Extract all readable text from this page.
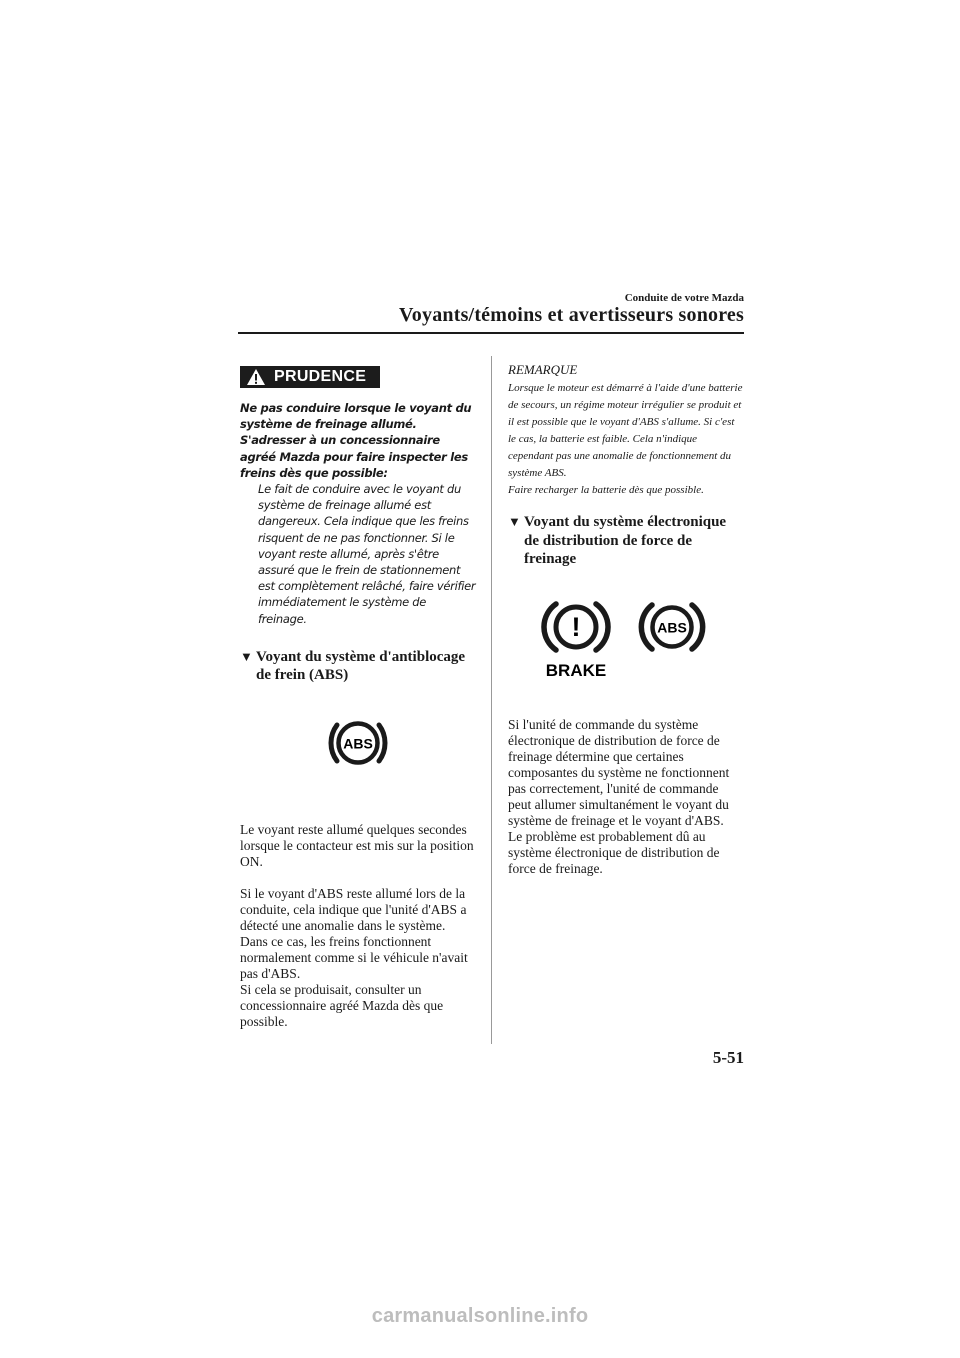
Conduite de votre Mazda
Voyants/témoins et avertisseurs sonores
PRUDENCE
Ne pas conduire lorsque le voyant du système de freinage allumé. S'adresser à un concessionnaire agréé Mazda pour faire inspecter les freins dès que possible:
Le fait de conduire avec le voyant du système de freinage allumé est dangereux. Cela indique que les freins risquent de ne pas fonctionner. Si le voyant reste allumé, après s'être assuré que le frein de stationnement est complètement relâché, faire vérifier immédiatement le système de freinage.
▼ Voyant du système d'antiblocage de frein (ABS)
ABS

Le voyant reste allumé quelques secondes lorsque le contacteur est mis sur la position ON.

Si le voyant d'ABS reste allumé lors de la conduite, cela indique que l'unité d'ABS a détecté une anomalie dans le système.

Dans ce cas, les freins fonctionnent normalement comme si le véhicule n'avait pas d'ABS.

Si cela se produisait, consulter un concessionnaire agréé Mazda dès que possible.

REMARQUE
Lorsque le moteur est démarré à l'aide d'une batterie de secours, un régime moteur irrégulier se produit et il est possible que le voyant d'ABS s'allume. Si c'est le cas, la batterie est faible. Cela n'indique cependant pas une anomalie de fonctionnement du système ABS.
Faire recharger la batterie dès que possible.
▼ Voyant du système électronique de distribution de force de freinage
!
BRAKE
ABS

Si l'unité de commande du système électronique de distribution de force de freinage détermine que certaines composantes du système ne fonctionnent pas correctement, l'unité de commande peut allumer simultanément le voyant du système de freinage et le voyant d'ABS.

Le problème est probablement dû au système électronique de distribution de force de freinage.

5-51
carmanualsonline.info
